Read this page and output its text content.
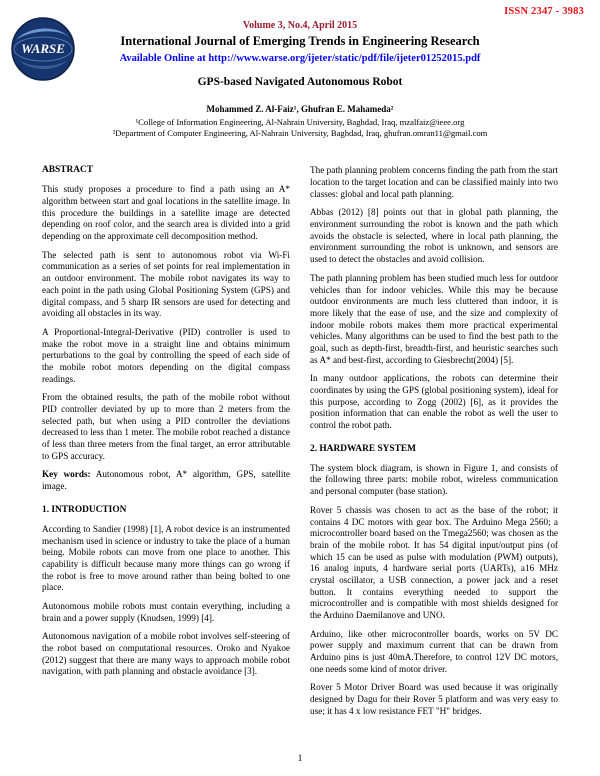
ISSN 2347 - 3983
WARSE
Volume 3, No.4, April 2015
International Journal of Emerging Trends in Engineering Research
Available Online at http://www.warse.org/ijeter/static/pdf/file/ijeter01252015.pdf
GPS-based Navigated Autonomous Robot
Mohammed Z. Al-Faiz¹, Ghufran E. Mahameda²
¹College of Information Engineering, Al-Nahrain University, Baghdad, Iraq, mzalfaiz@ieee.org
²Department of Computer Engineering, Al-Nahrain University, Baghdad, Iraq, ghufran.omran11@gmail.com
ABSTRACT

This study proposes a procedure to find a path using an A* algorithm between start and goal locations in the satellite image. In this procedure the buildings in a satellite image are detected depending on roof color, and the search area is divided into a grid depending on the approximate cell decomposition method.

The selected path is sent to autonomous robot via Wi-Fi communication as a series of set points for real implementation in an outdoor environment. The mobile robot navigates its way to each point in the path using Global Positioning System (GPS) and digital compass, and 5 sharp IR sensors are used for detecting and avoiding all obstacles in its way.

A Proportional-Integral-Derivative (PID) controller is used to make the robot move in a straight line and obtains minimum perturbations to the goal by controlling the speed of each side of the mobile robot motors depending on the digital compass readings.

From the obtained results, the path of the mobile robot without PID controller deviated by up to more than 2 meters from the selected path, but when using a PID controller the deviations decreased to less than 1 meter. The mobile robot reached a distance of less than three meters from the final target, an error attributable to GPS accuracy.

Key words: Autonomous robot, A* algorithm, GPS, satellite image.

1. INTRODUCTION

According to Sandier (1998) [1], A robot device is an instrumented mechanism used in science or industry to take the place of a human being. Mobile robots can move from one place to another. This capability is difficult because many more things can go wrong if the robot is free to move around rather than being bolted to one place.

Autonomous mobile robots must contain everything, including a brain and a power supply (Knudsen, 1999) [4].

Autonomous navigation of a mobile robot involves self-steering of the robot based on computational resources. Oroko and Nyakoe (2012) suggest that there are many ways to approach mobile robot navigation, with path planning and obstacle avoidance [3].

The path planning problem concerns finding the path from the start location to the target location and can be classified mainly into two classes: global and local path planning.

Abbas (2012) [8] points out that in global path planning, the environment surrounding the robot is known and the path which avoids the obstacle is selected, where in local path planning, the environment surrounding the robot is unknown, and sensors are used to detect the obstacles and avoid collision.

The path planning problem has been studied much less for outdoor vehicles than for indoor vehicles. While this may be because outdoor environments are much less cluttered than indoor, it is more likely that the ease of use, and the size and complexity of indoor mobile robots makes them more practical experimental vehicles. Many algorithms can be used to find the best path to the goal, such as depth-first, breadth-first, and heuristic searches such as A* and best-first, according to Giesbrecht(2004) [5].

In many outdoor applications, the robots can determine their coordinates by using the GPS (global positioning system), ideal for this purpose, according to Zogg (2002) [6], as it provides the position information that can enable the robot as well the user to control the robot path.

2. HARDWARE SYSTEM

The system block diagram, is shown in Figure 1, and consists of the following three parts: mobile robot, wireless communication and personal computer (base station).

Rover 5 chassis was chosen to act as the base of the robot; it contains 4 DC motors with gear box. The Arduino Mega 2560; a microcontroller board based on the Tmega2560; was chosen as the brain of the mobile robot. It has 54 digital input/output pins (of which 15 can be used as pulse with modulation (PWM) outputs), 16 analog inputs, 4 hardware serial ports (UARTs), a16 MHz crystal oscillator, a USB connection, a power jack and a reset button. It contains everything needed to support the microcontroller and is compatible with most shields designed for the Arduino Daemilanove and UNO.

Arduino, like other microcontroller boards, works on 5V DC power supply and maximum current that can be drawn from Arduino pins is just 40mA.Therefore, to control 12V DC motors, one needs some kind of motor driver.

Rover 5 Motor Driver Board was used because it was originally designed by Dagu for their Rover 5 platform and was very easy to use; it has 4 x low resistance FET "H" bridges.

1
